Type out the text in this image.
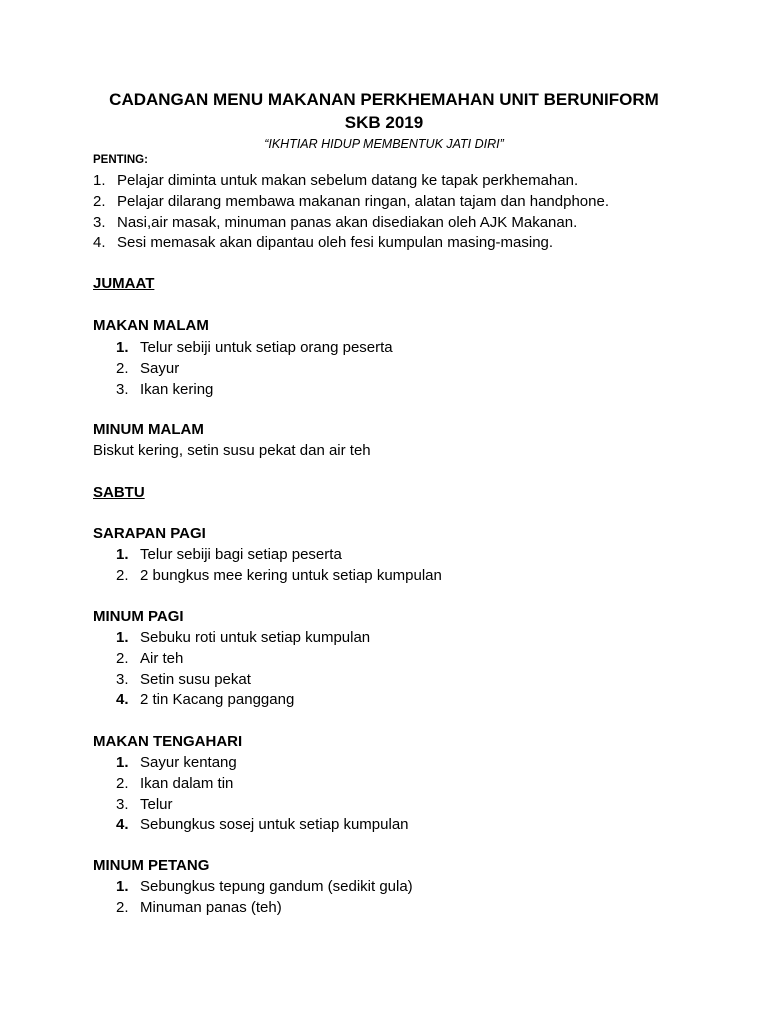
CADANGAN MENU MAKANAN PERKHEMAHAN UNIT BERUNIFORM
SKB 2019
“IKHTIAR HIDUP MEMBENTUK JATI DIRI”
PENTING:
1. Pelajar diminta untuk makan sebelum datang ke tapak perkhemahan.
2. Pelajar dilarang membawa makanan ringan, alatan tajam dan handphone.
3. Nasi,air masak, minuman panas akan disediakan oleh AJK Makanan.
4. Sesi memasak akan dipantau oleh fesi kumpulan masing-masing.
JUMAAT
MAKAN MALAM
1. Telur sebiji untuk setiap orang peserta
2. Sayur
3. Ikan kering
MINUM MALAM
Biskut kering, setin susu pekat dan air teh
SABTU
SARAPAN PAGI
1. Telur sebiji bagi setiap peserta
2. 2 bungkus mee kering untuk setiap kumpulan
MINUM PAGI
1. Sebuku roti untuk setiap kumpulan
2. Air teh
3. Setin susu pekat
4. 2 tin Kacang panggang
MAKAN TENGAHARI
1. Sayur kentang
2. Ikan dalam tin
3. Telur
4. Sebungkus sosej untuk setiap kumpulan
MINUM PETANG
1. Sebungkus tepung gandum (sedikit gula)
2. Minuman panas (teh)
